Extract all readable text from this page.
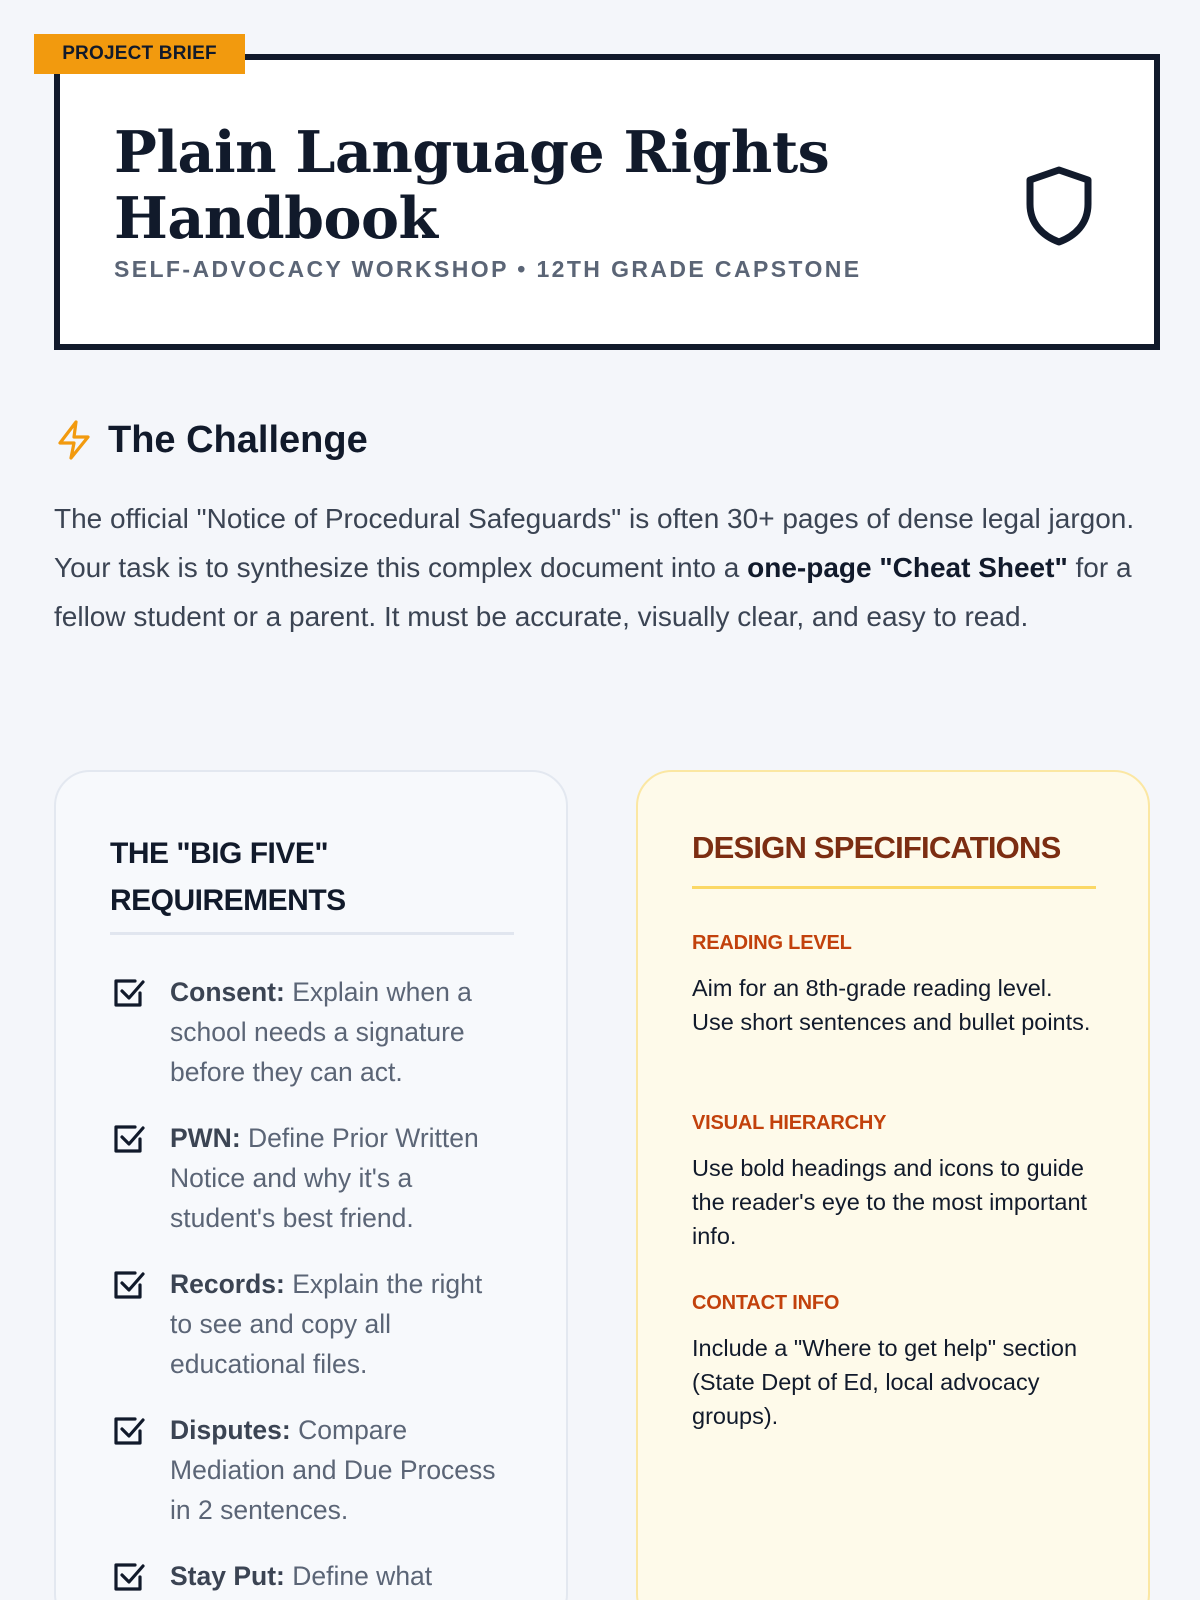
Plain Language Rights Handbook
SELF-ADVOCACY WORKSHOP • 12TH GRADE CAPSTONE
PROJECT BRIEF
The Challenge

The official "Notice of Procedural Safeguards" is often 30+ pages of dense legal jargon. Your task is to synthesize this complex document into a one-page "Cheat Sheet" for a fellow student or a parent. It must be accurate, visually clear, and easy to read.

THE "BIG FIVE" REQUIREMENTS
Consent: Explain when a school needs a signature before they can act.
PWN: Define Prior Written Notice and why it's a student's best friend.
Records: Explain the right to see and copy all educational files.
Disputes: Compare Mediation and Due Process in 2 sentences.
Stay Put: Define what
DESIGN SPECIFICATIONS
READING LEVEL
Aim for an 8th-grade reading level. Use short sentences and bullet points.
VISUAL HIERARCHY
Use bold headings and icons to guide the reader's eye to the most important info.
CONTACT INFO
Include a "Where to get help" section (State Dept of Ed, local advocacy groups).
